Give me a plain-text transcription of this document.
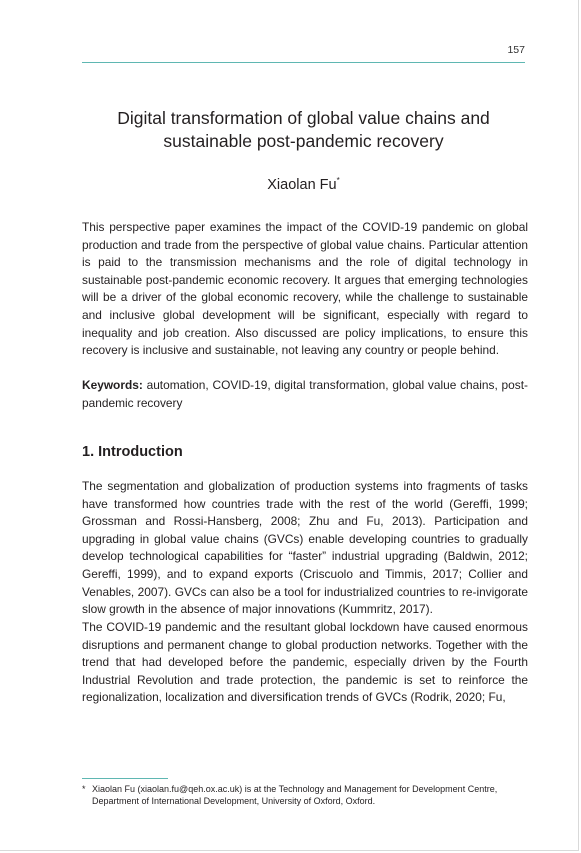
157
Digital transformation of global value chains and
sustainable post-pandemic recovery
Xiaolan Fu*
This perspective paper examines the impact of the COVID-19 pandemic on global production and trade from the perspective of global value chains. Particular attention is paid to the transmission mechanisms and the role of digital technology in sustainable post-pandemic economic recovery. It argues that emerging technologies will be a driver of the global economic recovery, while the challenge to sustainable and inclusive global development will be significant, especially with regard to inequality and job creation. Also discussed are policy implications, to ensure this recovery is inclusive and sustainable, not leaving any country or people behind.
Keywords: automation, COVID-19, digital transformation, global value chains, post-pandemic recovery
1. Introduction
The segmentation and globalization of production systems into fragments of tasks have transformed how countries trade with the rest of the world (Gereffi, 1999; Grossman and Rossi-Hansberg, 2008; Zhu and Fu, 2013). Participation and upgrading in global value chains (GVCs) enable developing countries to gradually develop technological capabilities for “faster” industrial upgrading (Baldwin, 2012; Gereffi, 1999), and to expand exports (Criscuolo and Timmis, 2017; Collier and Venables, 2007). GVCs can also be a tool for industrialized countries to re-invigorate slow growth in the absence of major innovations (Kummritz, 2017).
The COVID-19 pandemic and the resultant global lockdown have caused enormous disruptions and permanent change to global production networks. Together with the trend that had developed before the pandemic, especially driven by the Fourth Industrial Revolution and trade protection, the pandemic is set to reinforce the regionalization, localization and diversification trends of GVCs (Rodrik, 2020; Fu,
* Xiaolan Fu (xiaolan.fu@qeh.ox.ac.uk) is at the Technology and Management for Development Centre,
Department of International Development, University of Oxford, Oxford.
